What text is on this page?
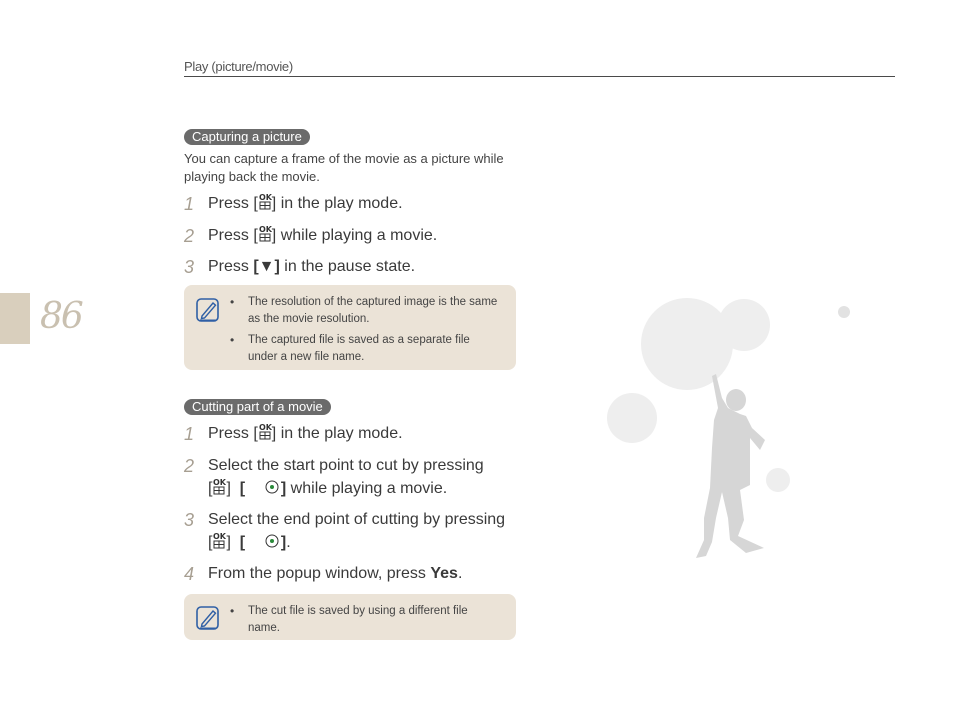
Play (picture/movie)
86
Capturing a picture
You can capture a frame of the movie as a picture while playing back the movie.
1 Press [ OK ] in the play mode.
2 Press [ OK ] while playing a movie.
3 Press [▼] in the pause state.
• The resolution of the captured image is the same as the movie resolution.
• The captured file is saved as a separate file under a new file name.
Cutting part of a movie
1 Press [ OK ] in the play mode.
2 Select the start point to cut by pressing
[ OK ]  [ ] while playing a movie.
3 Select the end point of cutting by pressing
[ OK ]  [ ].
4 From the popup window, press Yes.
• The cut file is saved by using a different file name.
